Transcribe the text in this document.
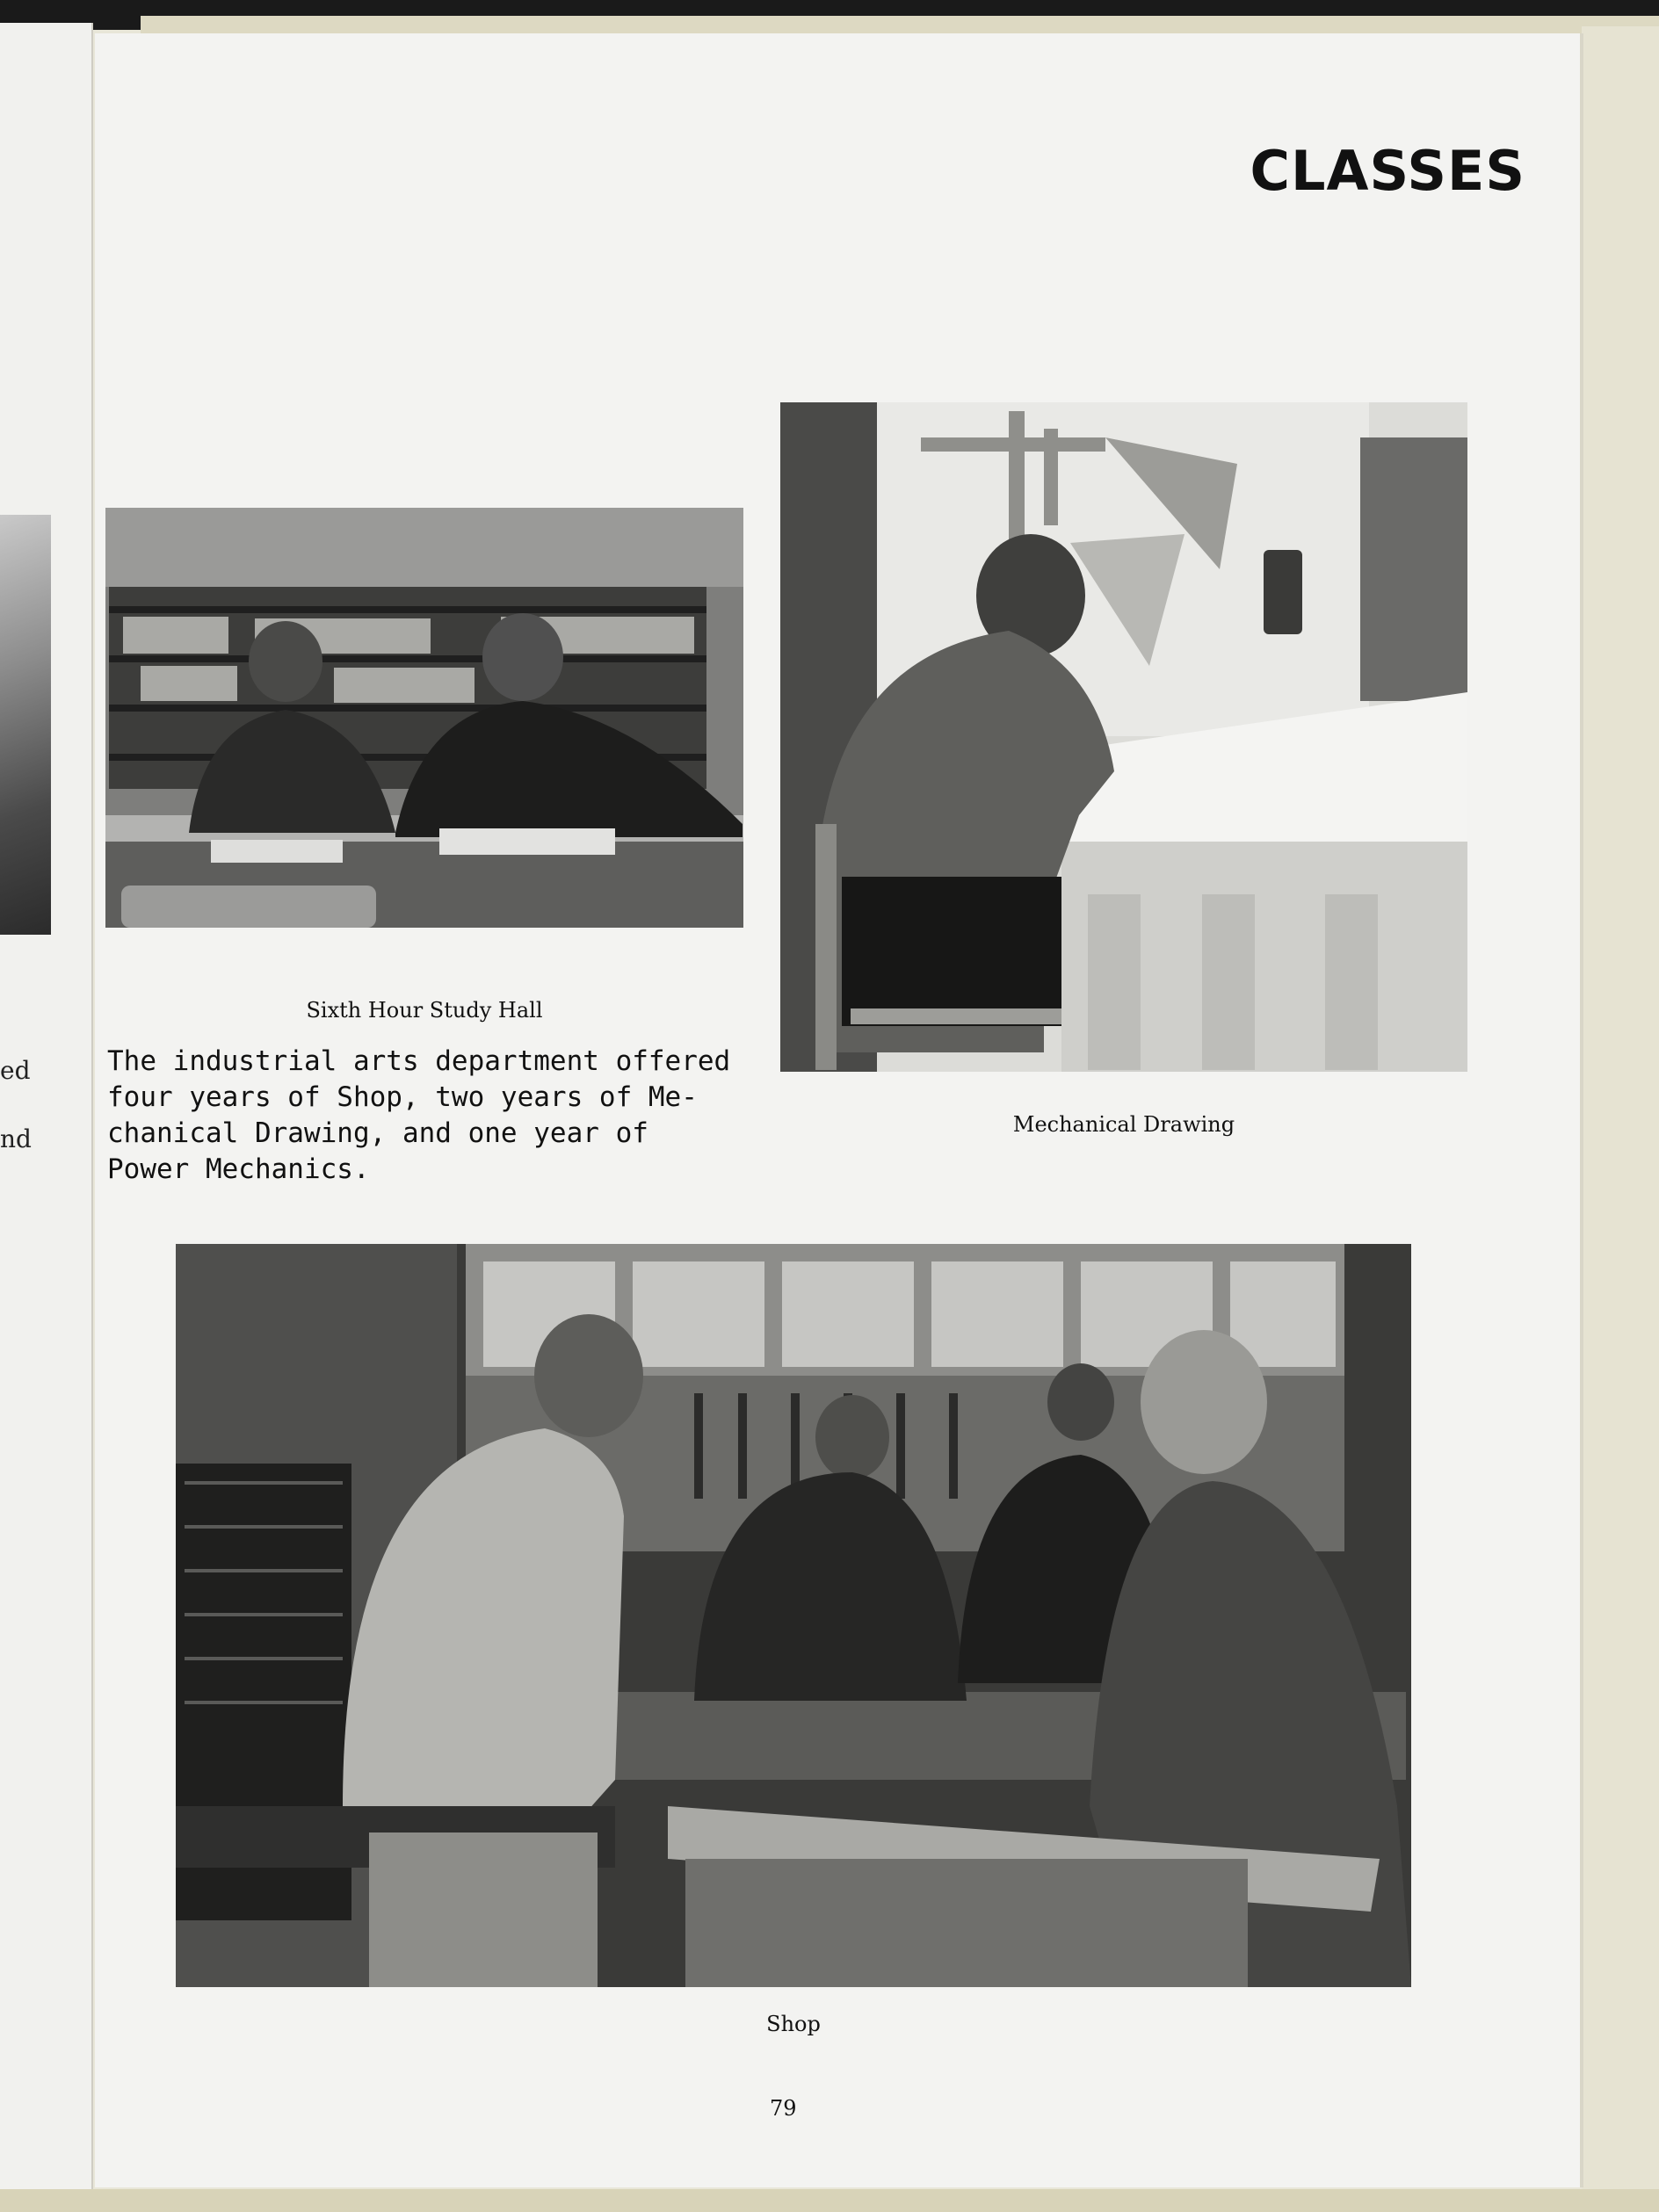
ed
nd
CLASSES
Sixth Hour Study Hall
Mechanical Drawing
The industrial arts department offered
four years of Shop, two years of Me-
chanical Drawing, and one year of
Power Mechanics.
Shop
79
